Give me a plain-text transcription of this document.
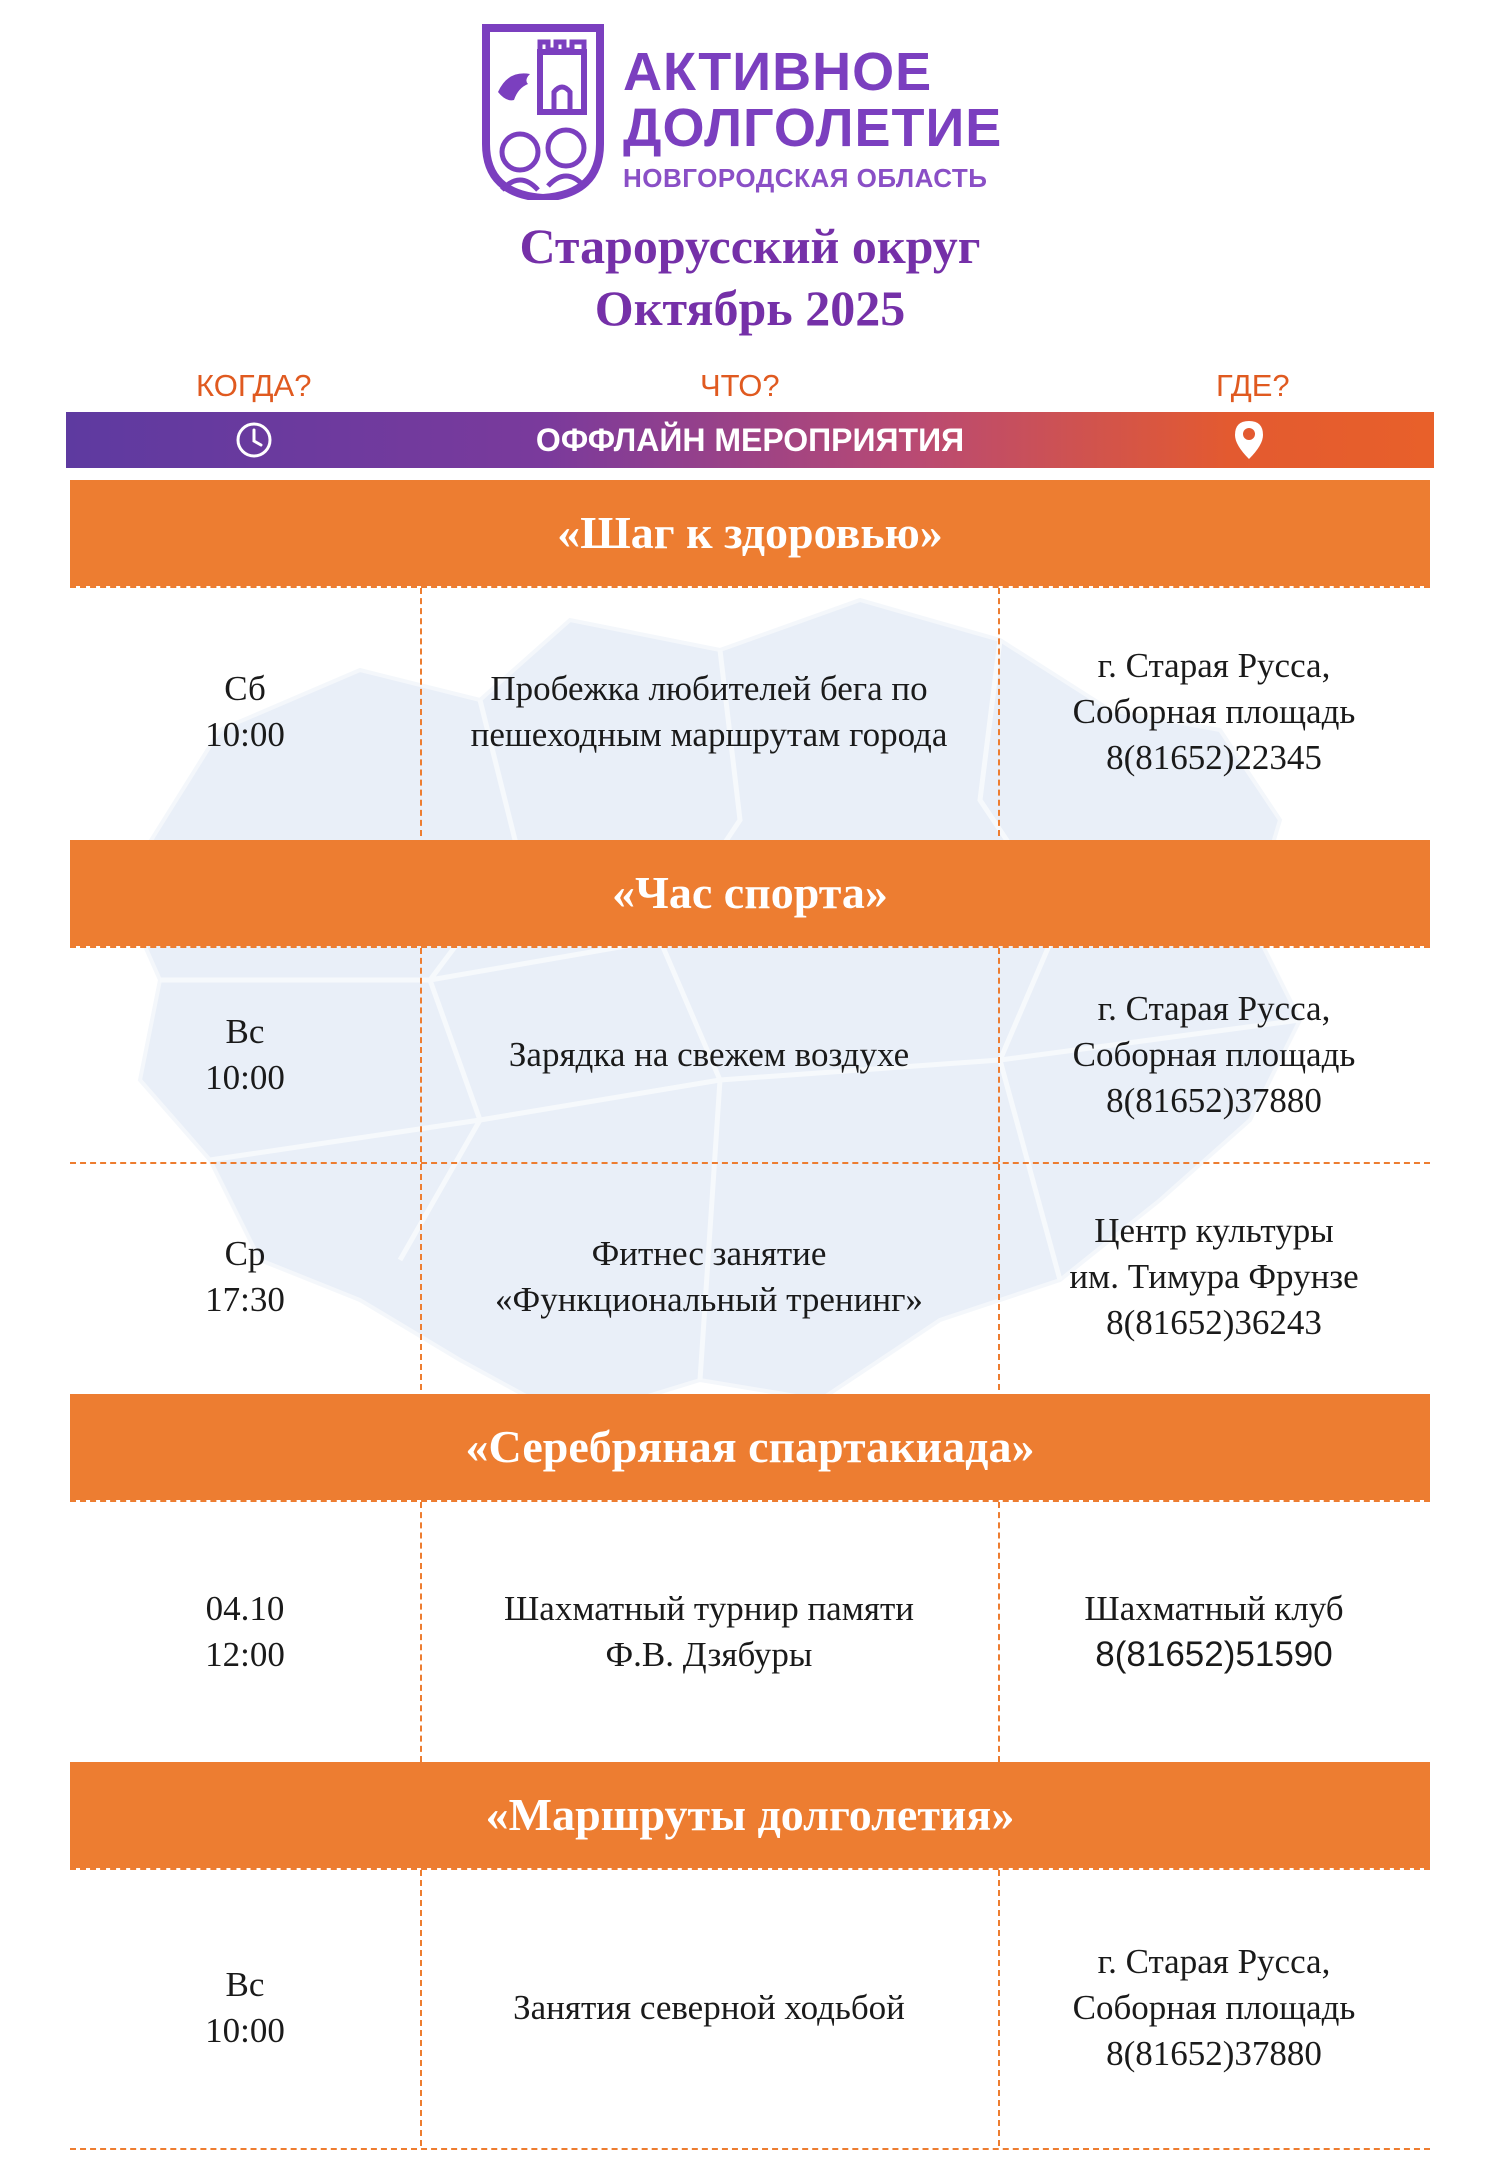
АКТИВНОЕ
ДОЛГОЛЕТИЕ
НОВГОРОДСКАЯ ОБЛАСТЬ
Старорусский округ
Октябрь 2025
КОГДА?	ЧТО?	ГДЕ?
ОФФЛАЙН МЕРОПРИЯТИЯ
«Шаг к здоровью»
Сб
10:00
Пробежка любителей бега по
пешеходным маршрутам города
г. Старая Русса,
Соборная площадь
8(81652)22345
«Час спорта»
Вс
10:00
Зарядка на свежем воздухе
г. Старая Русса,
Соборная площадь
8(81652)37880
Ср
17:30
Фитнес занятие
«Функциональный тренинг»
Центр культуры
им. Тимура Фрунзе
8(81652)36243
«Серебряная спартакиада»
04.10
12:00
Шахматный турнир памяти
Ф.В. Дзябуры
Шахматный клуб
8(81652)51590
«Маршруты долголетия»
Вс
10:00
Занятия северной ходьбой
г. Старая Русса,
Соборная площадь
8(81652)37880
